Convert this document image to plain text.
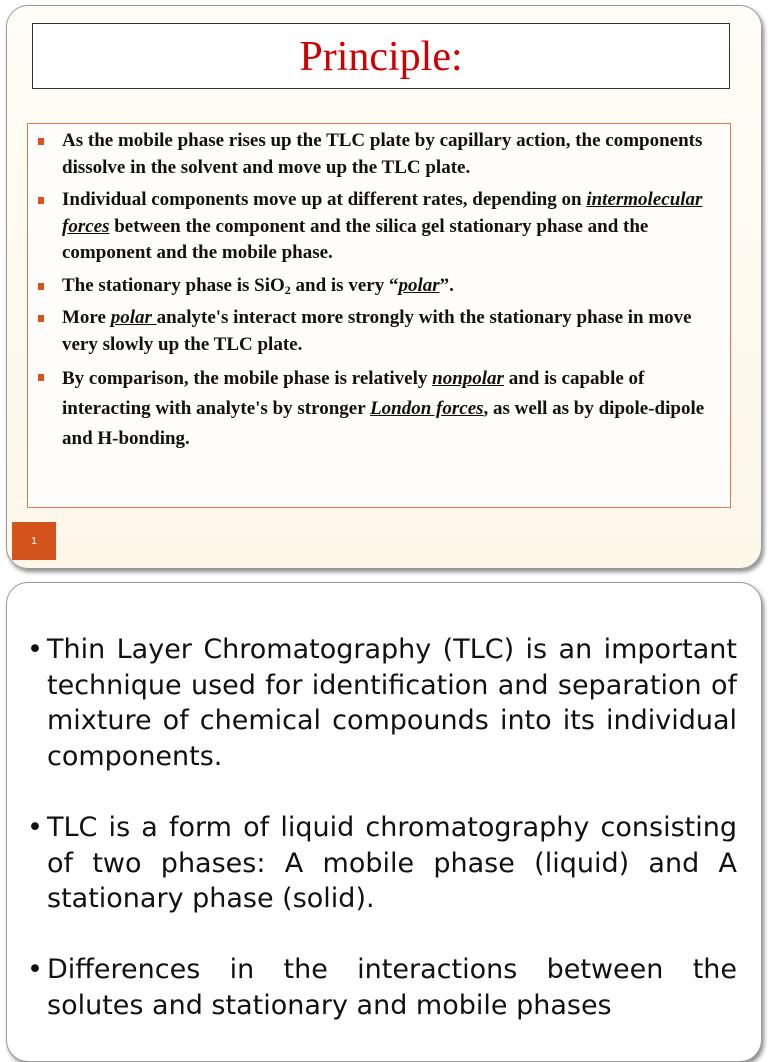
Principle:
As the mobile phase rises up the TLC plate by capillary action, the components dissolve in the solvent and move up the TLC plate.
Individual components move up at different rates, depending on intermolecular forces between the component and the silica gel stationary phase and the component and the mobile phase.
The stationary phase is SiO$_2$ and is very “polar”.
More polar analyte's interact more strongly with the stationary phase in move very slowly up the TLC plate.
By comparison, the mobile phase is relatively nonpolar and is capable of interacting with analyte's by stronger London forces, as well as by dipole-dipole and H-bonding.
1
• Thin Layer Chromatography (TLC) is an important technique used for identification and separation of mixture of chemical compounds into its individual components.
• TLC is a form of liquid chromatography consisting of two phases: A mobile phase (liquid) and A stationary phase (solid).
• Differences in the interactions between the solutes and stationary and mobile phases
